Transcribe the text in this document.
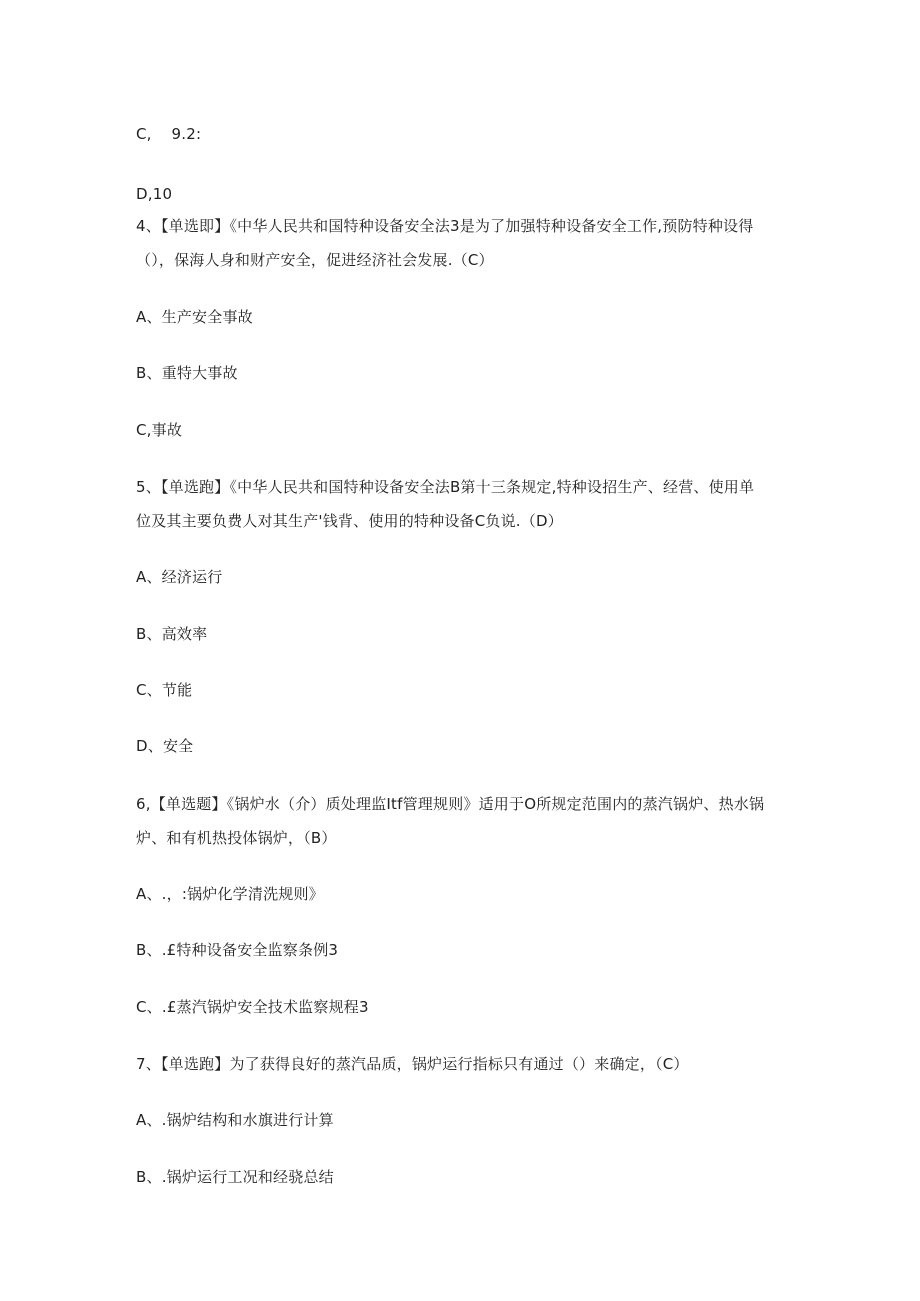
C,    9.2:
D,10
4、【单选即】《中华人民共和国特种设备安全法3是为了加强特种设备安全工作,预防特种设得
（），保海人身和财产安全，促进经济社会发展.（C）
A、生产安全事故
B、重特大事故
C,事故
5、【单选跑】《中华人民共和国特种设备安全法B第十三条规定,特种设招生产、经营、使用单
位及其主要负费人对其生产'钱背、使用的特种设备C负说.（D）
A、经济运行
B、高效率
C、节能
D、安全
6,【单选题】《锅炉水（介）质处理监Itf管理规则》适用于O所规定范围内的蒸汽锅炉、热水锅
炉、和有机热投体锅炉，（B）
A、.，:锅炉化学清洗规则》
B、.£特种设备安全监察条例3
C、.£蒸汽锅炉安全技术监察规程3
7、【单选跑】为了获得良好的蒸汽品质，锅炉运行指标只有通过（）来确定，（C）
A、.锅炉结构和水旗进行计算
B、.锅炉运行工况和经骁总结
